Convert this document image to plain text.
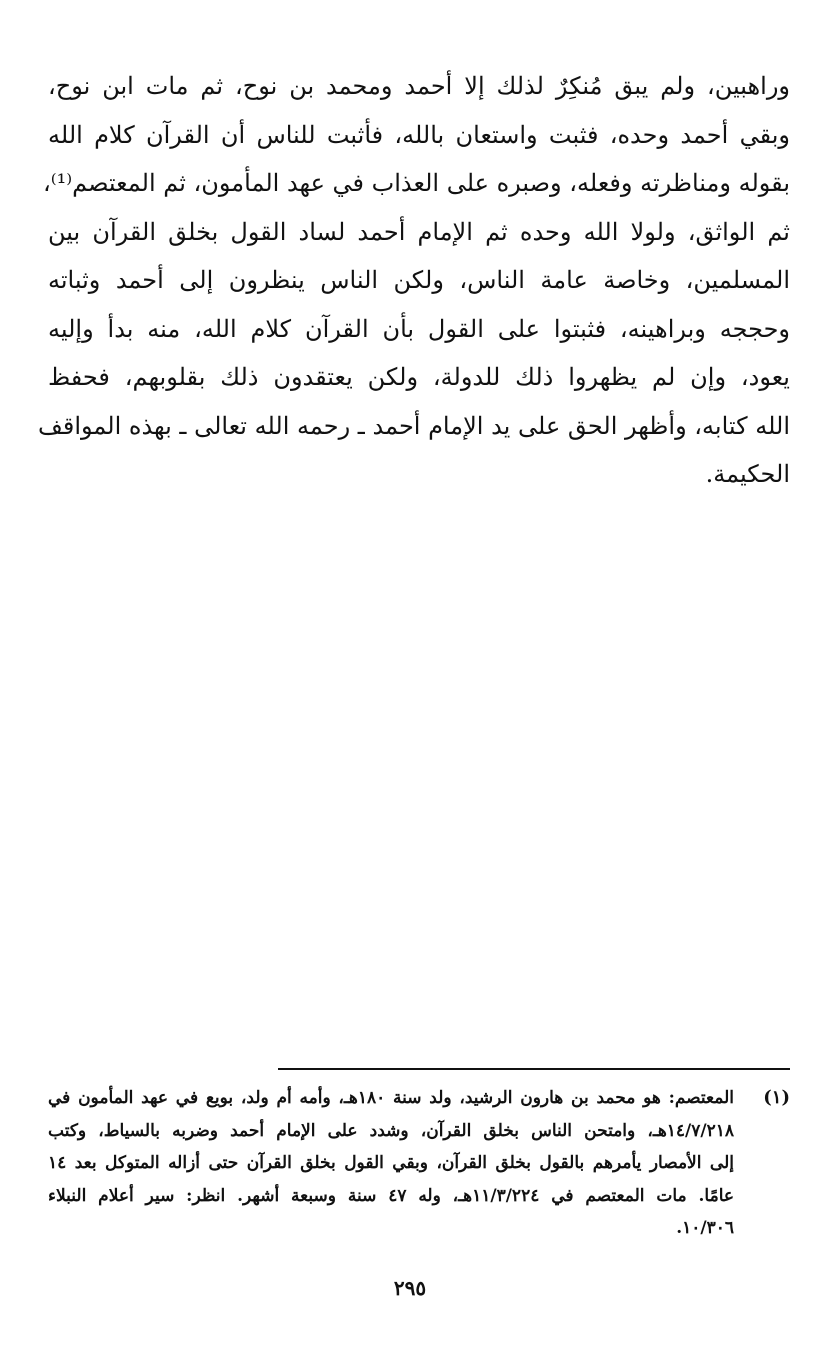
وراهبين، ولم يبق مُنكِرٌ لذلك إلا أحمد ومحمد بن نوح، ثم مات ابن نوح،
وبقي أحمد وحده، فثبت واستعان بالله، فأثبت للناس أن القرآن كلام الله
بقوله ومناظرته وفعله، وصبره على العذاب في عهد المأمون، ثم المعتصم⁽¹⁾،
ثم الواثق، ولولا الله وحده ثم الإمام أحمد لساد القول بخلق القرآن بين
المسلمين، وخاصة عامة الناس، ولكن الناس ينظرون إلى أحمد وثباته
وحججه وبراهينه، فثبتوا على القول بأن القرآن كلام الله، منه بدأ وإليه
يعود، وإن لم يظهروا ذلك للدولة، ولكن يعتقدون ذلك بقلوبهم، فحفظ
الله كتابه، وأظهر الحق على يد الإمام أحمد ـ رحمه الله تعالى ـ بهذه المواقف
الحكيمة.
(١)
المعتصم: هو محمد بن هارون الرشيد، ولد سنة ١٨٠هـ، وأمه أم ولد، بويع في عهد المأمون في
١٤/٧/٢١٨هـ، وامتحن الناس بخلق القرآن، وشدد على الإمام أحمد وضربه بالسياط، وكتب
إلى الأمصار يأمرهم بالقول بخلق القرآن، وبقي القول بخلق القرآن حتى أزاله المتوكل بعد ١٤
عامًا. مات المعتصم في ١١/٣/٢٢٤هـ، وله ٤٧ سنة وسبعة أشهر. انظر: سير أعلام النبلاء
١٠/٣٠٦.
٢٩٥
